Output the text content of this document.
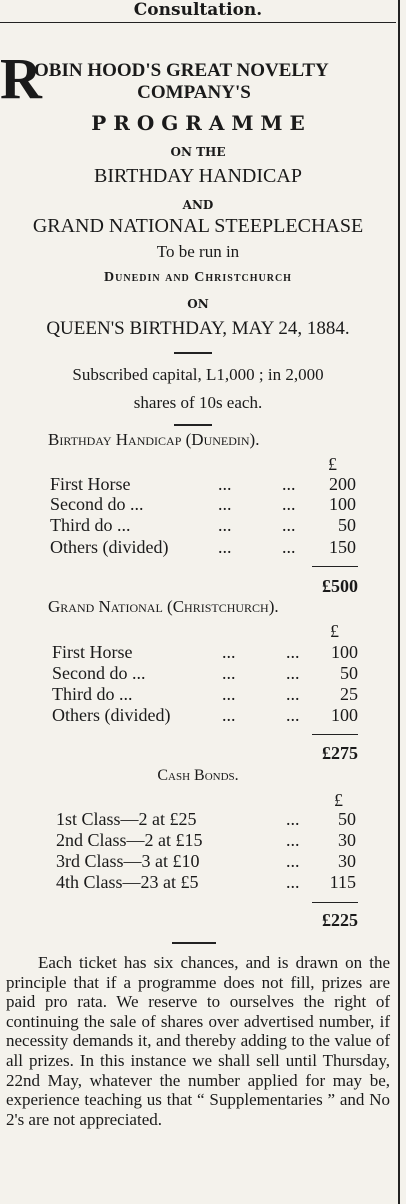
Consultation.
R
OBIN HOOD'S GREAT NOVELTY
COMPANY'S
P R O G R A M M E
ON THE
BIRTHDAY HANDICAP
AND
GRAND NATIONAL STEEPLECHASE
To be run in
Dunedin and Christchurch
ON
QUEEN'S BIRTHDAY, MAY 24, 1884.
Subscribed capital, L1,000 ; in 2,000
shares of 10s each.
Birthday Handicap (Dunedin).
£
First Horse	...	...	200
Second do ...	...	...	100
Third do ...	...	...	50
Others (divided)	...	...	150
£500
Grand National (Christchurch).
£
First Horse	...	...	100
Second do ...	...	...	50
Third do ...	...	...	25
Others (divided)	...	...	100
£275
Cash Bonds.
£
1st Class—2 at £25	...	50
2nd Class—2 at £15	...	30
3rd Class—3 at £10	...	30
4th Class—23 at £5	...	115
£225

Each ticket has six chances, and is drawn on the principle that if a programme does not fill, prizes are paid pro rata. We reserve to ourselves the right of continuing the sale of shares over advertised number, if necessity demands it, and thereby adding to the value of all prizes. In this instance we shall sell until Thursday, 22nd May, whatever the number applied for may be, experience teaching us that “ Supplementaries ” and No 2's are not appreciated.
